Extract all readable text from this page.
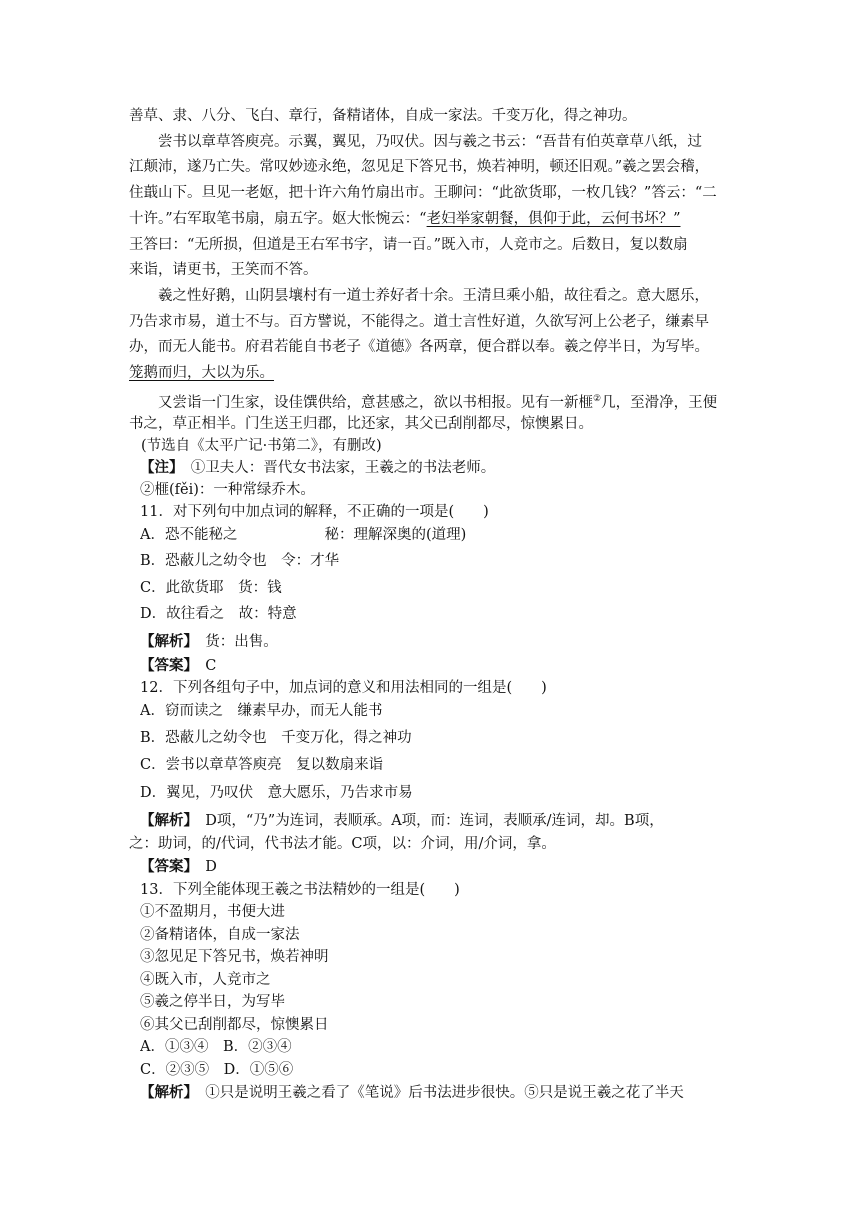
善草、隶、八分、飞白、章行，备精诸体，自成一家法。千变万化，得之神功。
尝书以章草答庾亮。示翼，翼见，乃叹伏。因与羲之书云：“吾昔有伯英章草八纸，过
江颠沛，遂乃亡失。常叹妙迹永绝，忽见足下答兄书，焕若神明，顿还旧观。”羲之罢会稽，
住蕺山下。旦见一老妪，把十许六角竹扇出市。王聊问：“此欲货耶，一枚几钱？”答云：“二
十许。”右军取笔书扇，扇五字。妪大怅惋云：“老妇举家朝餐，俱仰于此，云何书坏？”
王答曰：“无所损，但道是王右军书字，请一百。”既入市，人竞市之。后数日，复以数扇
来诣，请更书，王笑而不答。
羲之性好鹅，山阴昙壤村有一道士养好者十余。王清旦乘小船，故往看之。意大愿乐，
乃告求市易，道士不与。百方譬说，不能得之。道士言性好道，久欲写河上公老子，缣素早
办，而无人能书。府君若能自书老子《道德》各两章，便合群以奉。羲之停半日，为写毕。
笼鹅而归，大以为乐。
又尝诣一门生家，设佳馔供给，意甚感之，欲以书相报。见有一新榧②几，至滑净，王便
书之，草正相半。门生送王归郡，比还家，其父已刮削都尽，惊懊累日。
(节选自《太平广记·书第二》，有删改)
【注】　 ①卫夫人：晋代女书法家，王羲之的书法老师。
②榧(fěi)：一种常绿乔木。
11．对下列句中加点词的解释，不正确的一项是(　　)
A．恐不能秘之　　　　　　秘：理解深奥的(道理)
B．恐蔽儿之幼令也　令：才华
C．此欲货耶　货：钱
D．故往看之　故：特意
【解析】　货：出售。
【答案】　C
12．下列各组句子中，加点词的意义和用法相同的一组是(　　)
A．窃而读之　缣素早办，而无人能书
B．恐蔽儿之幼令也　千变万化，得之神功
C．尝书以章草答庾亮　复以数扇来诣
D．翼见，乃叹伏　意大愿乐，乃告求市易
【解析】　D项，“乃”为连词，表顺承。A项，而：连词，表顺承/连词，却。B项，
之：助词，的/代词，代书法才能。C项，以：介词，用/介词，拿。
【答案】　D
13．下列全能体现王羲之书法精妙的一组是(　　)
①不盈期月，书便大进
②备精诸体，自成一家法
③忽见足下答兄书，焕若神明
④既入市，人竞市之
⑤羲之停半日，为写毕
⑥其父已刮削都尽，惊懊累日
A．①③④　B．②③④
C．②③⑤　D．①⑤⑥
【解析】　①只是说明王羲之看了《笔说》后书法进步很快。⑤只是说王羲之花了半天
